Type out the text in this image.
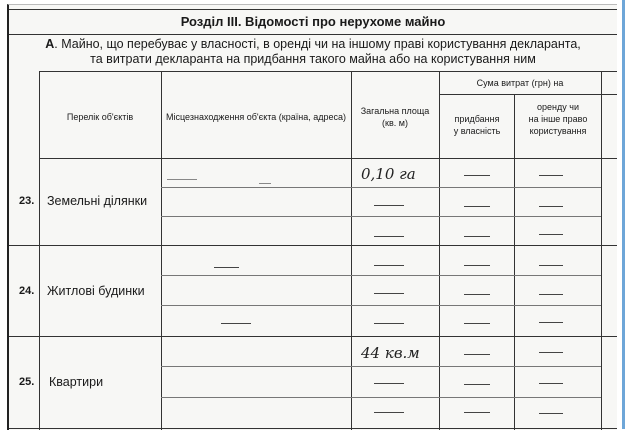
Розділ III. Відомості про нерухоме майно
А. Майно, що перебуває у власності, в оренді чи на іншому праві користування декларанта,
та витрати декларанта на придбання такого майна або на користування ним
Перелік об'єктів	Місцезнаходження об'єкта (країна, адреса)
Загальна площа
(кв. м)
Сума витрат (грн) на
придбання
у власність
оренду чи
на інше право
користування
23. Земельні ділянки
0,10 га
24. Житлові будинки
25. Квартири
44 кв.м
